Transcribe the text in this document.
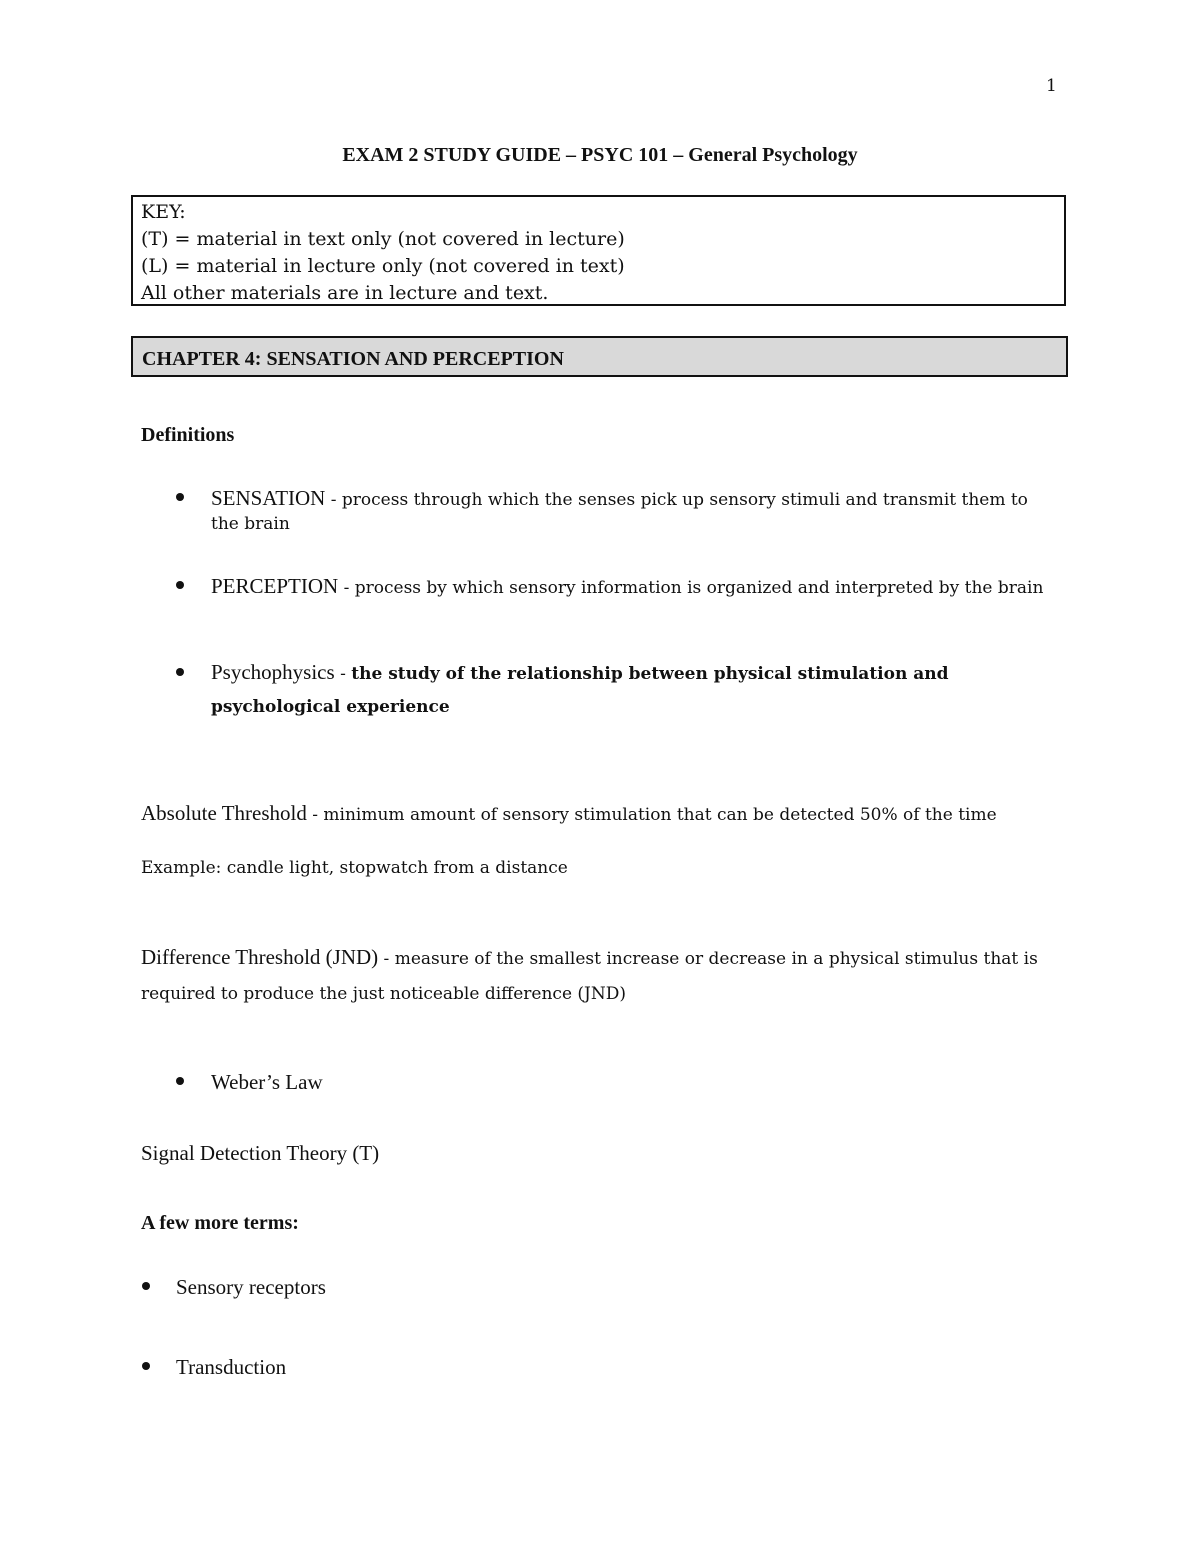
1
EXAM 2 STUDY GUIDE – PSYC 101 – General Psychology
KEY:
(T) = material in text only (not covered in lecture)
(L) = material in lecture only (not covered in text)
All other materials are in lecture and text.
CHAPTER 4: SENSATION AND PERCEPTION
Definitions
SENSATION - process through which the senses pick up sensory stimuli and transmit them to
the brain
PERCEPTION - process by which sensory information is organized and interpreted by the brain
Psychophysics - the study of the relationship between physical stimulation and
psychological experience
Absolute Threshold - minimum amount of sensory stimulation that can be detected 50% of the time
Example: candle light, stopwatch from a distance
Difference Threshold (JND) - measure of the smallest increase or decrease in a physical stimulus that is
required to produce the just noticeable difference (JND)
Weber’s Law
Signal Detection Theory (T)
A few more terms:
Sensory receptors
Transduction
